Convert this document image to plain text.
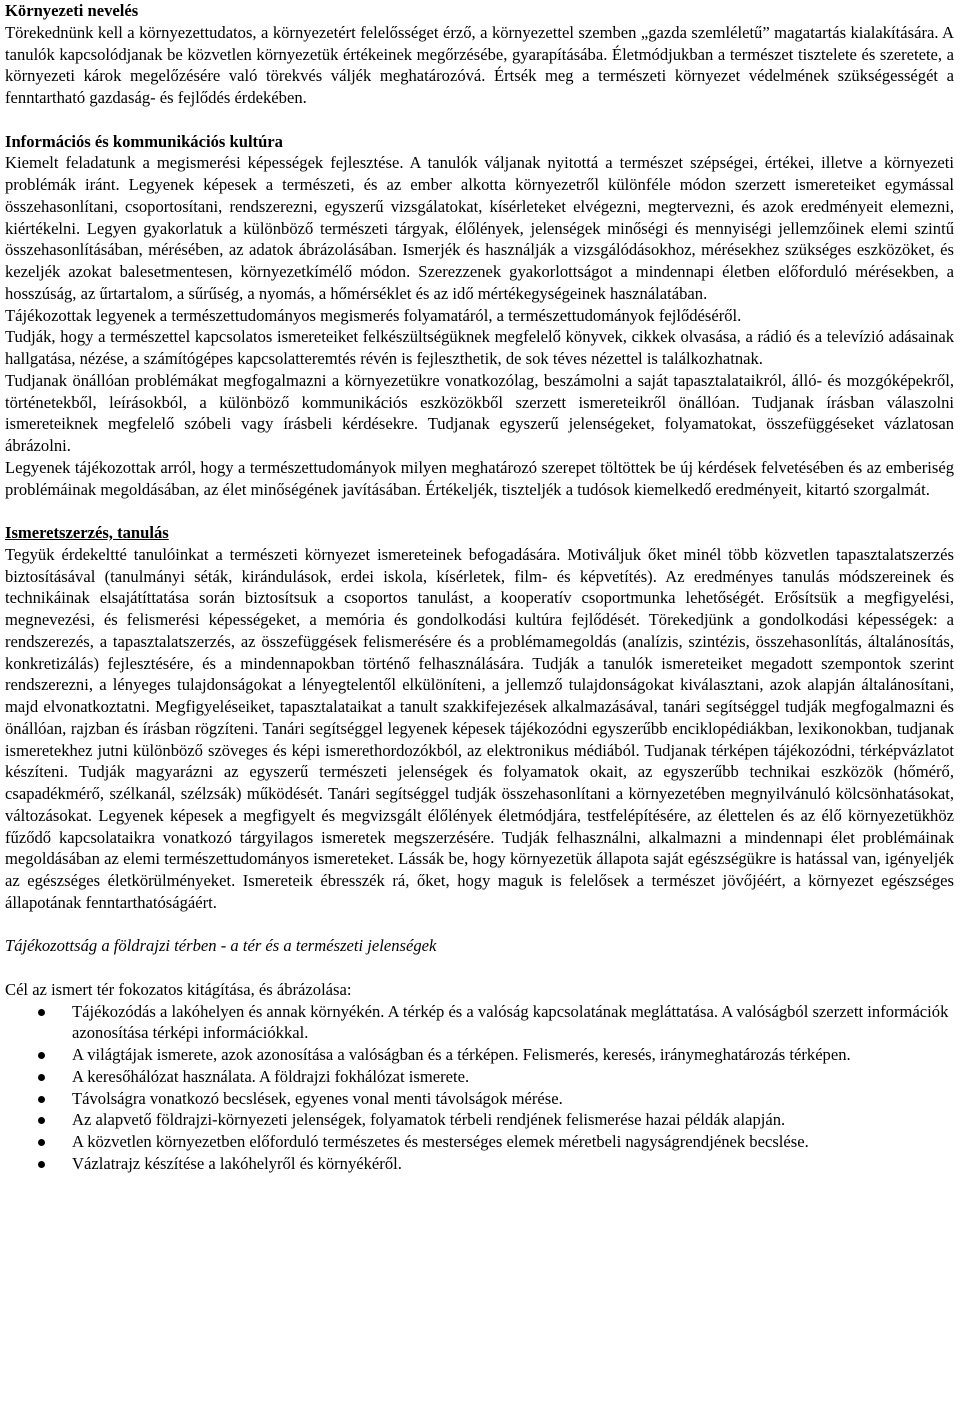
Környezeti nevelés

Törekednünk kell a környezettudatos, a környezetért felelősséget érző, a környezettel szemben „gazda szemléletű” magatartás kialakítására. A tanulók kapcsolódjanak be közvetlen környezetük értékeinek megőrzésébe, gyarapításába. Életmódjukban a természet tisztelete és szeretete, a környezeti károk megelőzésére való törekvés váljék meghatározóvá. Értsék meg a természeti környezet védelmének szükségességét a fenntartható gazdaság- és fejlődés érdekében.

Információs és kommunikációs kultúra

Kiemelt feladatunk a megismerési képességek fejlesztése. A tanulók váljanak nyitottá a természet szépségei, értékei, illetve a környezeti problémák iránt. Legyenek képesek a természeti, és az ember alkotta környezetről különféle módon szerzett ismereteiket egymással összehasonlítani, csoportosítani, rendszerezni, egyszerű vizsgálatokat, kísérleteket elvégezni, megtervezni, és azok eredményeit elemezni, kiértékelni. Legyen gyakorlatuk a különböző természeti tárgyak, élőlények, jelenségek minőségi és mennyiségi jellemzőinek elemi szintű összehasonlításában, mérésében, az adatok ábrázolásában. Ismerjék és használják a vizsgálódásokhoz, mérésekhez szükséges eszközöket, és kezeljék azokat balesetmentesen, környezetkímélő módon. Szerezzenek gyakorlottságot a mindennapi életben előforduló mérésekben, a hosszúság, az űrtartalom, a sűrűség, a nyomás, a hőmérséklet és az idő mértékegységeinek használatában.

Tájékozottak legyenek a természettudományos megismerés folyamatáról, a természettudományok fejlődéséről.

Tudják, hogy a természettel kapcsolatos ismereteiket felkészültségüknek megfelelő könyvek, cikkek olvasása, a rádió és a televízió adásainak hallgatása, nézése, a számítógépes kapcsolatteremtés révén is fejleszthetik, de sok téves nézettel is találkozhatnak.

Tudjanak önállóan problémákat megfogalmazni a környezetükre vonatkozólag, beszámolni a saját tapasztalataikról, álló- és mozgóképekről, történetekből, leírásokból, a különböző kommunikációs eszközökből szerzett ismereteikről önállóan. Tudjanak írásban válaszolni ismereteiknek megfelelő szóbeli vagy írásbeli kérdésekre. Tudjanak egyszerű jelenségeket, folyamatokat, összefüggéseket vázlatosan ábrázolni.

Legyenek tájékozottak arról, hogy a természettudományok milyen meghatározó szerepet töltöttek be új kérdések felvetésében és az emberiség problémáinak megoldásában, az élet minőségének javításában. Értékeljék, tiszteljék a tudósok kiemelkedő eredményeit, kitartó szorgalmát.

Ismeretszerzés, tanulás

Tegyük érdekeltté tanulóinkat a természeti környezet ismereteinek befogadására. Motiváljuk őket minél több közvetlen tapasztalatszerzés biztosításával (tanulmányi séták, kirándulások, erdei iskola, kísérletek, film- és képvetítés). Az eredményes tanulás módszereinek és technikáinak elsajátíttatása során biztosítsuk a csoportos tanulást, a kooperatív csoportmunka lehetőségét. Erősítsük a megfigyelési, megnevezési, és felismerési képességeket, a memória és gondolkodási kultúra fejlődését. Törekedjünk a gondolkodási képességek: a rendszerezés, a tapasztalatszerzés, az összefüggések felismerésére és a problémamegoldás (analízis, szintézis, összehasonlítás, általánosítás, konkretizálás) fejlesztésére, és a mindennapokban történő felhasználására. Tudják a tanulók ismereteiket megadott szempontok szerint rendszerezni, a lényeges tulajdonságokat a lényegtelentől elkülöníteni, a jellemző tulajdonságokat kiválasztani, azok alapján általánosítani, majd elvonatkoztatni. Megfigyeléseiket, tapasztalataikat a tanult szakkifejezések alkalmazásával, tanári segítséggel tudják megfogalmazni és önállóan, rajzban és írásban rögzíteni. Tanári segítséggel legyenek képesek tájékozódni egyszerűbb enciklopédiákban, lexikonokban, tudjanak ismeretekhez jutni különböző szöveges és képi ismerethordozókból, az elektronikus médiából. Tudjanak térképen tájékozódni, térképvázlatot készíteni. Tudják magyarázni az egyszerű természeti jelenségek és folyamatok okait, az egyszerűbb technikai eszközök (hőmérő, csapadékmérő, szélkanál, szélzsák) működését. Tanári segítséggel tudják összehasonlítani a környezetében megnyilvánuló kölcsönhatásokat, változásokat. Legyenek képesek a megfigyelt és megvizsgált élőlények életmódjára, testfelépítésére, az élettelen és az élő környezetükhöz fűződő kapcsolataikra vonatkozó tárgyilagos ismeretek megszerzésére. Tudják felhasználni, alkalmazni a mindennapi élet problémáinak megoldásában az elemi természettudományos ismereteket. Lássák be, hogy környezetük állapota saját egészségükre is hatással van, igényeljék az egészséges életkörülményeket. Ismereteik ébresszék rá, őket, hogy maguk is felelősek a természet jövőjéért, a környezet egészséges állapotának fenntarthatóságáért.

Tájékozottság a földrajzi térben - a tér és a természeti jelenségek

Cél az ismert tér fokozatos kitágítása, és ábrázolása:

Tájékozódás a lakóhelyen és annak környékén. A térkép és a valóság kapcsolatának megláttatása. A valóságból szerzett információk azonosítása térképi információkkal.
A világtájak ismerete, azok azonosítása a valóságban és a térképen. Felismerés, keresés, iránymeghatározás térképen.
A keresőhálózat használata. A földrajzi fokhálózat ismerete.
Távolságra vonatkozó becslések, egyenes vonal menti távolságok mérése.
Az alapvető földrajzi-környezeti jelenségek, folyamatok térbeli rendjének felismerése hazai példák alapján.
A közvetlen környezetben előforduló természetes és mesterséges elemek méretbeli nagyságrendjének becslése.
Vázlatrajz készítése a lakóhelyről és környékéről.
